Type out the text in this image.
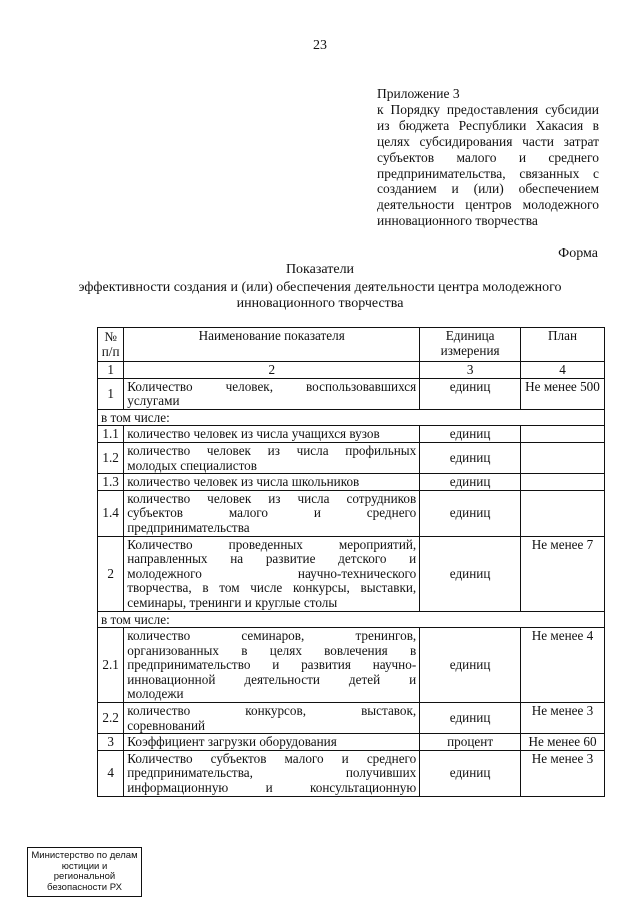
23
Приложение 3
к Порядку предоставления субсидии
из бюджета Республики Хакасия в
целях субсидирования части затрат
субъектов малого и среднего
предпринимательства, связанных с
созданием и (или) обеспечением
деятельности центров молодежного
инновационного творчества
Форма
Показатели
эффективности создания и (или) обеспечения деятельности центра молодежного
инновационного творчества
№ п/п	Наименование показателя	Единица измерения	План
1	2	3	4
1	Количество человек, воспользовавшихся
услугами	единиц	Не менее 500
в том числе:			
1.1	количество человек из числа учащихся вузов	единиц	
1.2	количество человек из числа профильных
молодых специалистов	единиц	
1.3	количество человек из числа школьников	единиц	
1.4	количество человек из числа сотрудников
субъектов малого и среднего
предпринимательства	единиц	
2	Количество проведенных мероприятий,
направленных на развитие детского и
молодежного научно-технического
творчества, в том числе конкурсы, выставки,
семинары, тренинги и круглые столы	единиц	Не менее 7
в том числе:			
2.1	количество семинаров, тренингов,
организованных в целях вовлечения в
предпринимательство и развития научно-
инновационной деятельности детей и
молодежи	единиц	Не менее 4
2.2	количество конкурсов, выставок,
соревнований	единиц	Не менее 3
3	Коэффициент загрузки оборудования	процент	Не менее 60
4	Количество субъектов малого и среднего
предпринимательства, получивших
информационную и консультационную	единиц	Не менее 3
Министерство по делам
юстиции и региональной
безопасности РХ
